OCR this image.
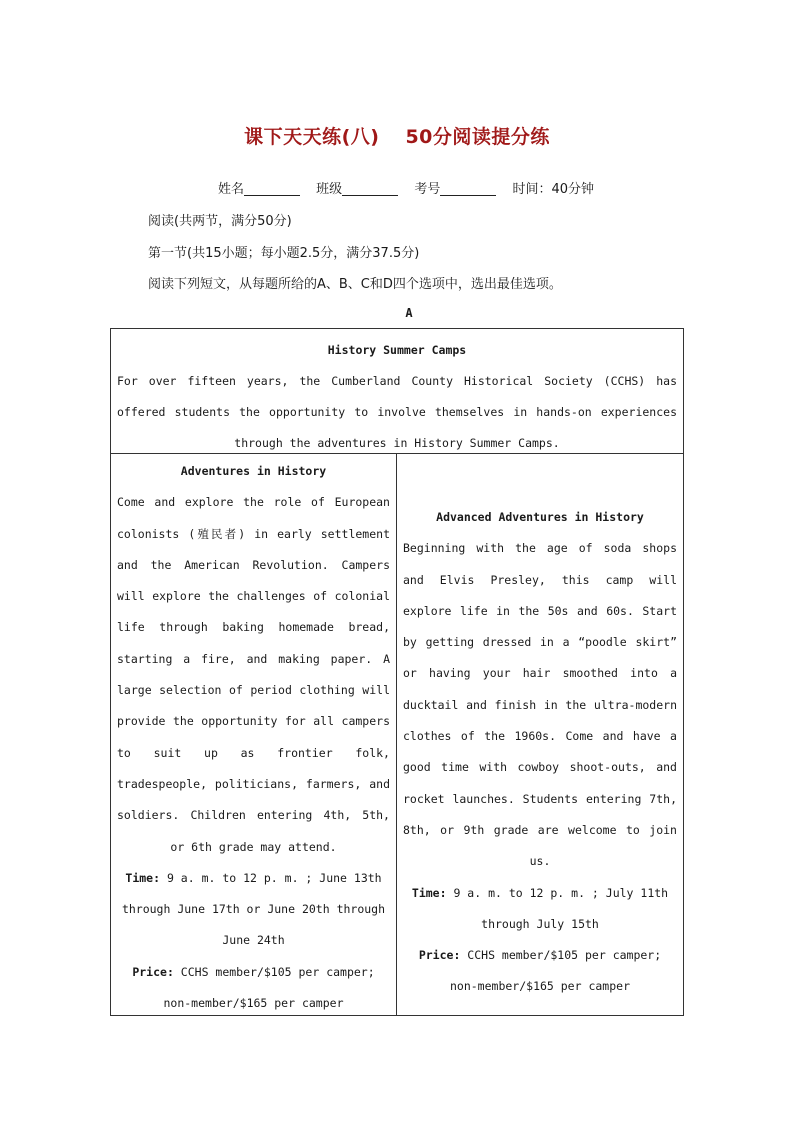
课下天天练(八) 50分阅读提分练
姓名	班级	考号	时间：40分钟
阅读(共两节，满分50分)
第一节(共15小题；每小题2.5分，满分37.5分)
阅读下列短文，从每题所给的A、B、C和D四个选项中，选出最佳选项。
A
History Summer Camps

For over fifteen years, the Cumberland County Historical Society (CCHS) has offered students the opportunity to involve themselves in hands-on experiences through the adventures in History Summer Camps.

Adventures in History

Come and explore the role of European colonists (殖民者) in early settlement and the American Revolution. Campers will explore the challenges of colonial life through baking homemade bread, starting a fire, and making paper. A large selection of period clothing will provide the opportunity for all campers to suit up as frontier folk, tradespeople, politicians, farmers, and soldiers. Children entering 4th, 5th, or 6th grade may attend.

Time: 9 a. m. to 12 p. m. ; June 13th through June 17th or June 20th through June 24th
Price: CCHS member/$105 per camper; non-member/$165 per camper
Advanced Adventures in History

Beginning with the age of soda shops and Elvis Presley, this camp will explore life in the 50s and 60s. Start by getting dressed in a “poodle skirt” or having your hair smoothed into a ducktail and finish in the ultra-modern clothes of the 1960s. Come and have a good time with cowboy shoot-outs, and rocket launches. Students entering 7th, 8th, or 9th grade are welcome to join us.

Time: 9 a. m. to 12 p. m. ; July 11th through July 15th
Price: CCHS member/$105 per camper; non-member/$165 per camper
